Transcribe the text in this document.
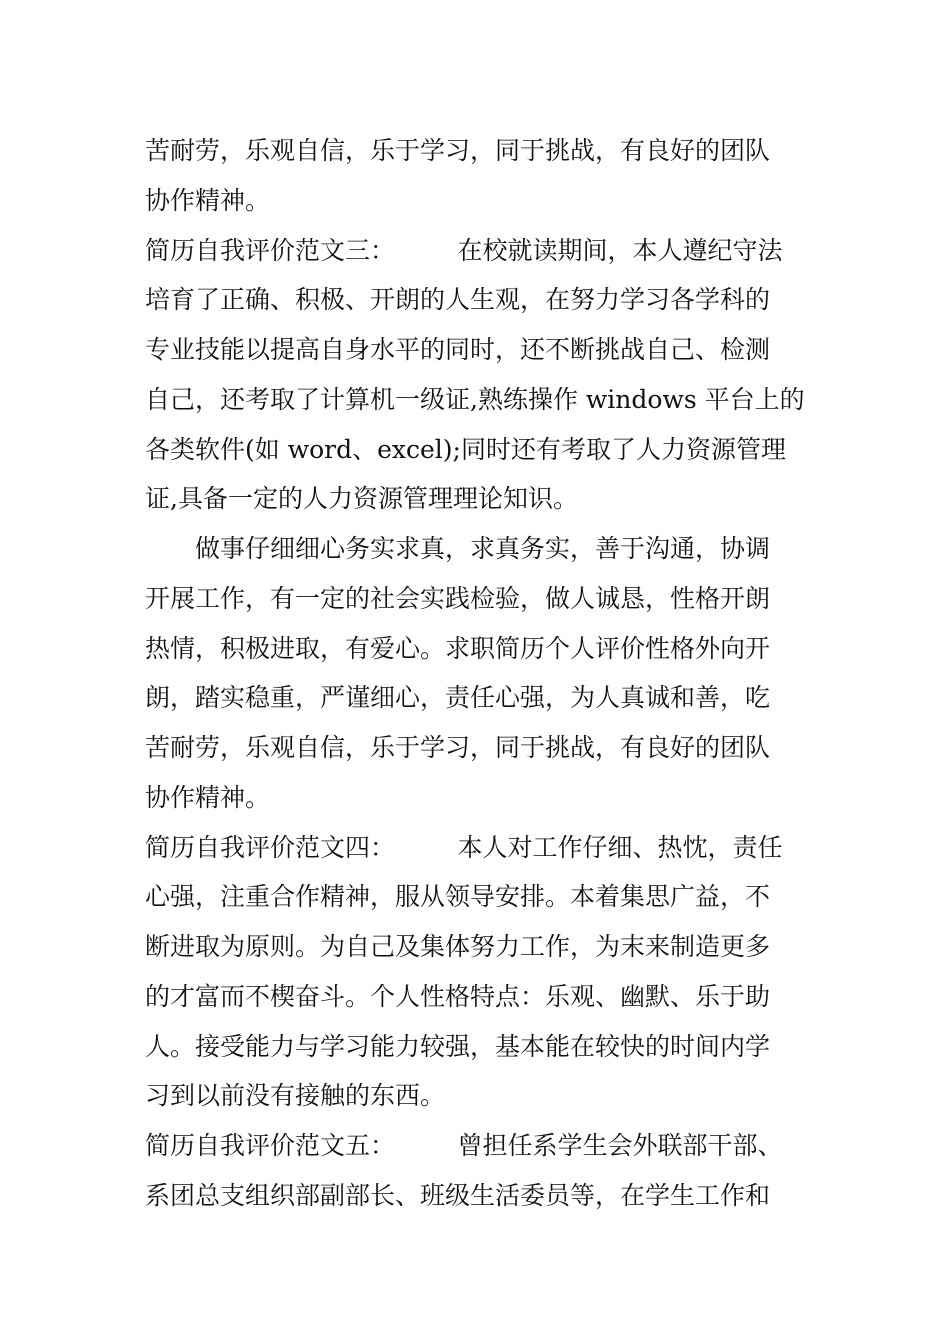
苦耐劳，乐观自信，乐于学习，同于挑战，有良好的团队
协作精神。
简历自我评价范文三：　　　在校就读期间，本人遵纪守法
培育了正确、积极、开朗的人生观，在努力学习各学科的
专业技能以提高自身水平的同时，还不断挑战自己、检测
自己，还考取了计算机一级证,熟练操作 windows 平台上的
各类软件(如 word、excel);同时还有考取了人力资源管理
证,具备一定的人力资源管理理论知识。
　　做事仔细细心务实求真，求真务实，善于沟通，协调
开展工作，有一定的社会实践检验，做人诚恳，性格开朗
热情，积极进取，有爱心。求职简历个人评价性格外向开
朗，踏实稳重，严谨细心，责任心强，为人真诚和善，吃
苦耐劳，乐观自信，乐于学习，同于挑战，有良好的团队
协作精神。
简历自我评价范文四：　　　本人对工作仔细、热忱，责任
心强，注重合作精神，服从领导安排。本着集思广益，不
断进取为原则。为自己及集体努力工作，为末来制造更多
的才富而不楔奋斗。个人性格特点：乐观、幽默、乐于助
人。接受能力与学习能力较强，基本能在较快的时间内学
习到以前没有接触的东西。
简历自我评价范文五：　　　曾担任系学生会外联部干部、
系团总支组织部副部长、班级生活委员等，在学生工作和
